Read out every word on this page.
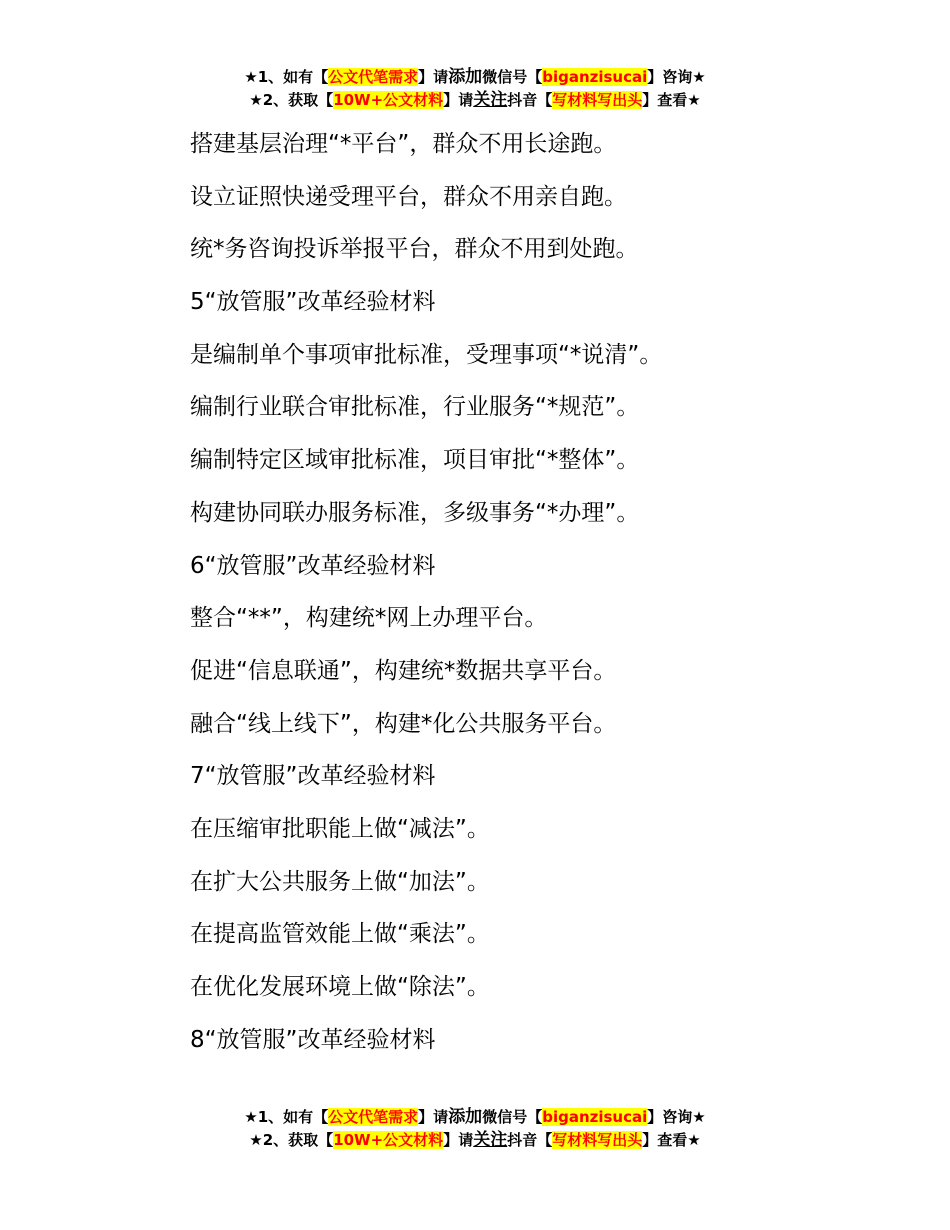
★1、如有【公文代笔需求】请添加微信号【biganzisucai】咨询★
★2、获取【10W+公文材料】请关注抖音【写材料写出头】查看★
搭建基层治理“*平台”，群众不用长途跑。
设立证照快递受理平台，群众不用亲自跑。
统*务咨询投诉举报平台，群众不用到处跑。
5“放管服”改革经验材料
是编制单个事项审批标准，受理事项“*说清”。
编制行业联合审批标准，行业服务“*规范”。
编制特定区域审批标准，项目审批“*整体”。
构建协同联办服务标准，多级事务“*办理”。
6“放管服”改革经验材料
整合“**”，构建统*网上办理平台。
促进“信息联通”，构建统*数据共享平台。
融合“线上线下”，构建*化公共服务平台。
7“放管服”改革经验材料
在压缩审批职能上做“减法”。
在扩大公共服务上做“加法”。
在提高监管效能上做“乘法”。
在优化发展环境上做“除法”。
8“放管服”改革经验材料
★1、如有【公文代笔需求】请添加微信号【biganzisucai】咨询★
★2、获取【10W+公文材料】请关注抖音【写材料写出头】查看★
